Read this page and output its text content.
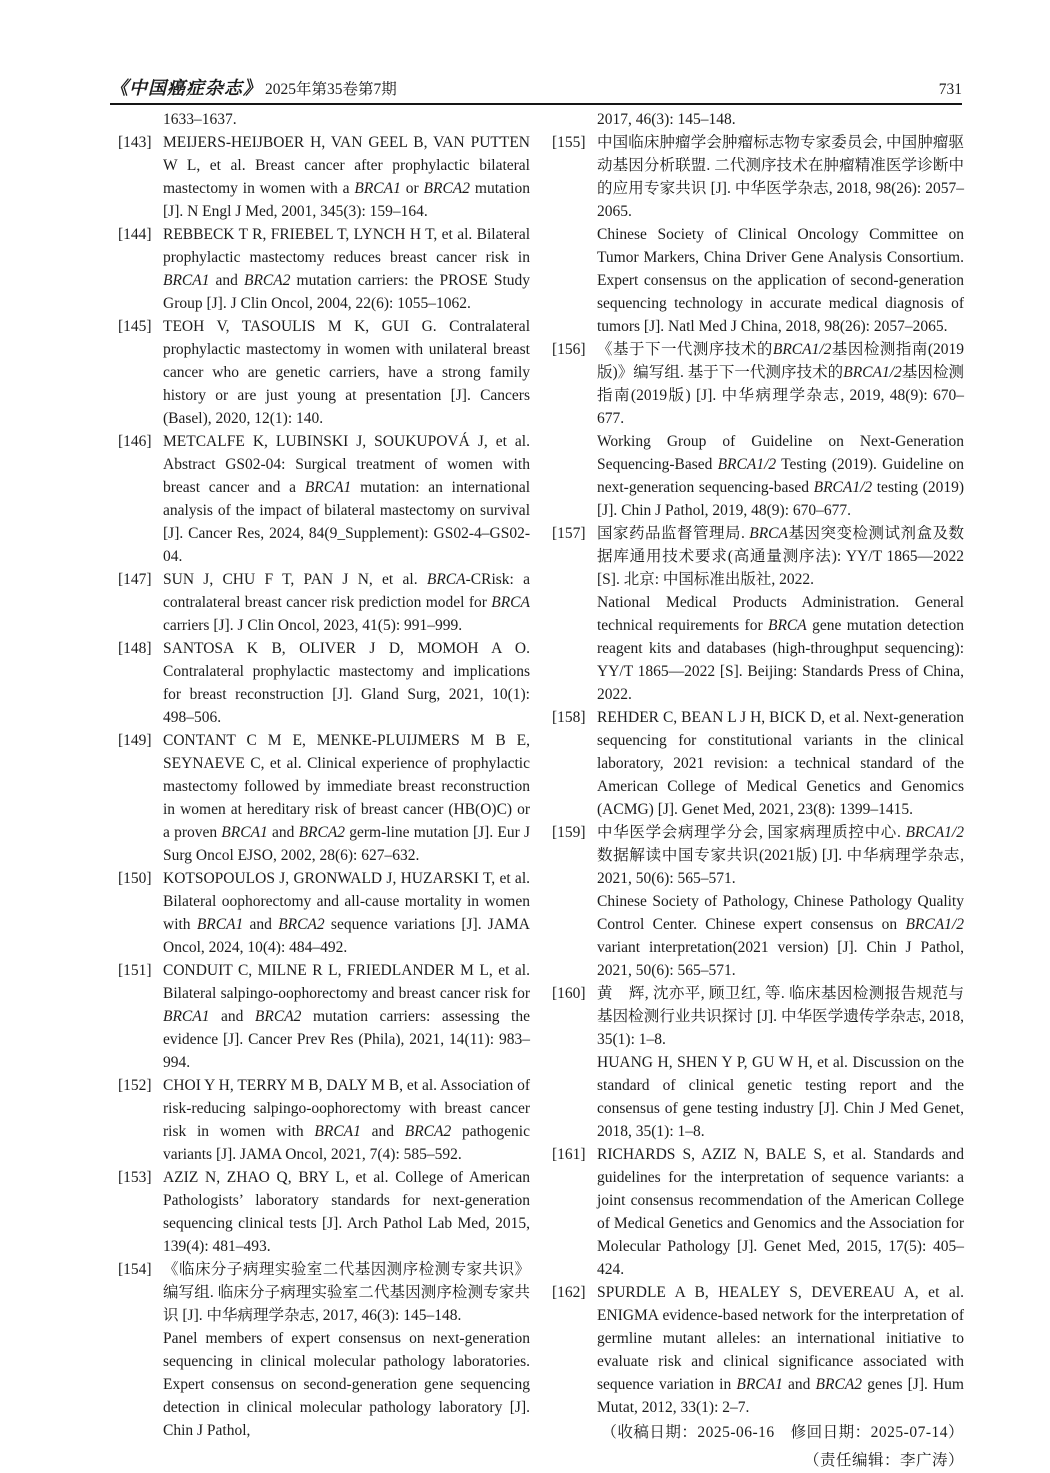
《中国癌症杂志》 2025年第35卷第7期	731
1633–1637.
[143] MEIJERS-HEIJBOER H, VAN GEEL B, VAN PUTTEN W L, et al. Breast cancer after prophylactic bilateral mastectomy in women with a BRCA1 or BRCA2 mutation [J]. N Engl J Med, 2001, 345(3): 159–164.

[144] REBBECK T R, FRIEBEL T, LYNCH H T, et al. Bilateral prophylactic mastectomy reduces breast cancer risk in BRCA1 and BRCA2 mutation carriers: the PROSE Study Group [J]. J Clin Oncol, 2004, 22(6): 1055–1062.

[145] TEOH V, TASOULIS M K, GUI G. Contralateral prophylactic mastectomy in women with unilateral breast cancer who are genetic carriers, have a strong family history or are just young at presentation [J]. Cancers (Basel), 2020, 12(1): 140.

[146] METCALFE K, LUBINSKI J, SOUKUPOVÁ J, et al. Abstract GS02-04: Surgical treatment of women with breast cancer and a BRCA1 mutation: an international analysis of the impact of bilateral mastectomy on survival [J]. Cancer Res, 2024, 84(9_Supplement): GS02-4–GS02-04.

[147] SUN J, CHU F T, PAN J N, et al. BRCA-CRisk: a contralateral breast cancer risk prediction model for BRCA carriers [J]. J Clin Oncol, 2023, 41(5): 991–999.

[148] SANTOSA K B, OLIVER J D, MOMOH A O. Contralateral prophylactic mastectomy and implications for breast reconstruction [J]. Gland Surg, 2021, 10(1): 498–506.

[149] CONTANT C M E, MENKE-PLUIJMERS M B E, SEYNAEVE C, et al. Clinical experience of prophylactic mastectomy followed by immediate breast reconstruction in women at hereditary risk of breast cancer (HB(O)C) or a proven BRCA1 and BRCA2 germ-line mutation [J]. Eur J Surg Oncol EJSO, 2002, 28(6): 627–632.

[150] KOTSOPOULOS J, GRONWALD J, HUZARSKI T, et al. Bilateral oophorectomy and all-cause mortality in women with BRCA1 and BRCA2 sequence variations [J]. JAMA Oncol, 2024, 10(4): 484–492.

[151] CONDUIT C, MILNE R L, FRIEDLANDER M L, et al. Bilateral salpingo-oophorectomy and breast cancer risk for BRCA1 and BRCA2 mutation carriers: assessing the evidence [J]. Cancer Prev Res (Phila), 2021, 14(11): 983–994.

[152] CHOI Y H, TERRY M B, DALY M B, et al. Association of risk-reducing salpingo-oophorectomy with breast cancer risk in women with BRCA1 and BRCA2 pathogenic variants [J]. JAMA Oncol, 2021, 7(4): 585–592.

[153] AZIZ N, ZHAO Q, BRY L, et al. College of American Pathologists’ laboratory standards for next-generation sequencing clinical tests [J]. Arch Pathol Lab Med, 2015, 139(4): 481–493.

[154] 《临床分子病理实验室二代基因测序检测专家共识》编写组. 临床分子病理实验室二代基因测序检测专家共识 [J]. 中华病理学杂志, 2017, 46(3): 145–148.

Panel members of expert consensus on next-generation sequencing in clinical molecular pathology laboratories. Expert consensus on second-generation gene sequencing detection in clinical molecular pathology laboratory [J]. Chin J Pathol,

2017, 46(3): 145–148.
[155] 中国临床肿瘤学会肿瘤标志物专家委员会, 中国肿瘤驱动基因分析联盟. 二代测序技术在肿瘤精准医学诊断中的应用专家共识 [J]. 中华医学杂志, 2018, 98(26): 2057–2065.

Chinese Society of Clinical Oncology Committee on Tumor Markers, China Driver Gene Analysis Consortium. Expert consensus on the application of second-generation sequencing technology in accurate medical diagnosis of tumors [J]. Natl Med J China, 2018, 98(26): 2057–2065.

[156] 《基于下一代测序技术的BRCA1/2基因检测指南(2019版)》编写组. 基于下一代测序技术的BRCA1/2基因检测指南(2019版) [J]. 中华病理学杂志, 2019, 48(9): 670–677.

Working Group of Guideline on Next-Generation Sequencing-Based BRCA1/2 Testing (2019). Guideline on next-generation sequencing-based BRCA1/2 testing (2019) [J]. Chin J Pathol, 2019, 48(9): 670–677.

[157] 国家药品监督管理局. BRCA基因突变检测试剂盒及数据库通用技术要求(高通量测序法): YY/T 1865—2022 [S]. 北京: 中国标准出版社, 2022.

National Medical Products Administration. General technical requirements for BRCA gene mutation detection reagent kits and databases (high-throughput sequencing): YY/T 1865—2022 [S]. Beijing: Standards Press of China, 2022.

[158] REHDER C, BEAN L J H, BICK D, et al. Next-generation sequencing for constitutional variants in the clinical laboratory, 2021 revision: a technical standard of the American College of Medical Genetics and Genomics (ACMG) [J]. Genet Med, 2021, 23(8): 1399–1415.

[159] 中华医学会病理学分会, 国家病理质控中心. BRCA1/2数据解读中国专家共识(2021版) [J]. 中华病理学杂志, 2021, 50(6): 565–571.

Chinese Society of Pathology, Chinese Pathology Quality Control Center. Chinese expert consensus on BRCA1/2 variant interpretation(2021 version) [J]. Chin J Pathol, 2021, 50(6): 565–571.

[160] 黄　辉, 沈亦平, 顾卫红, 等. 临床基因检测报告规范与基因检测行业共识探讨 [J]. 中华医学遗传学杂志, 2018, 35(1): 1–8.

HUANG H, SHEN Y P, GU W H, et al. Discussion on the standard of clinical genetic testing report and the consensus of gene testing industry [J]. Chin J Med Genet, 2018, 35(1): 1–8.

[161] RICHARDS S, AZIZ N, BALE S, et al. Standards and guidelines for the interpretation of sequence variants: a joint consensus recommendation of the American College of Medical Genetics and Genomics and the Association for Molecular Pathology [J]. Genet Med, 2015, 17(5): 405–424.

[162] SPURDLE A B, HEALEY S, DEVEREAU A, et al. ENIGMA evidence-based network for the interpretation of germline mutant alleles: an international initiative to evaluate risk and clinical significance associated with sequence variation in BRCA1 and BRCA2 genes [J]. Hum Mutat, 2012, 33(1): 2–7.

（收稿日期：2025-06-16　修回日期：2025-07-14）
（责任编辑：李广涛）
